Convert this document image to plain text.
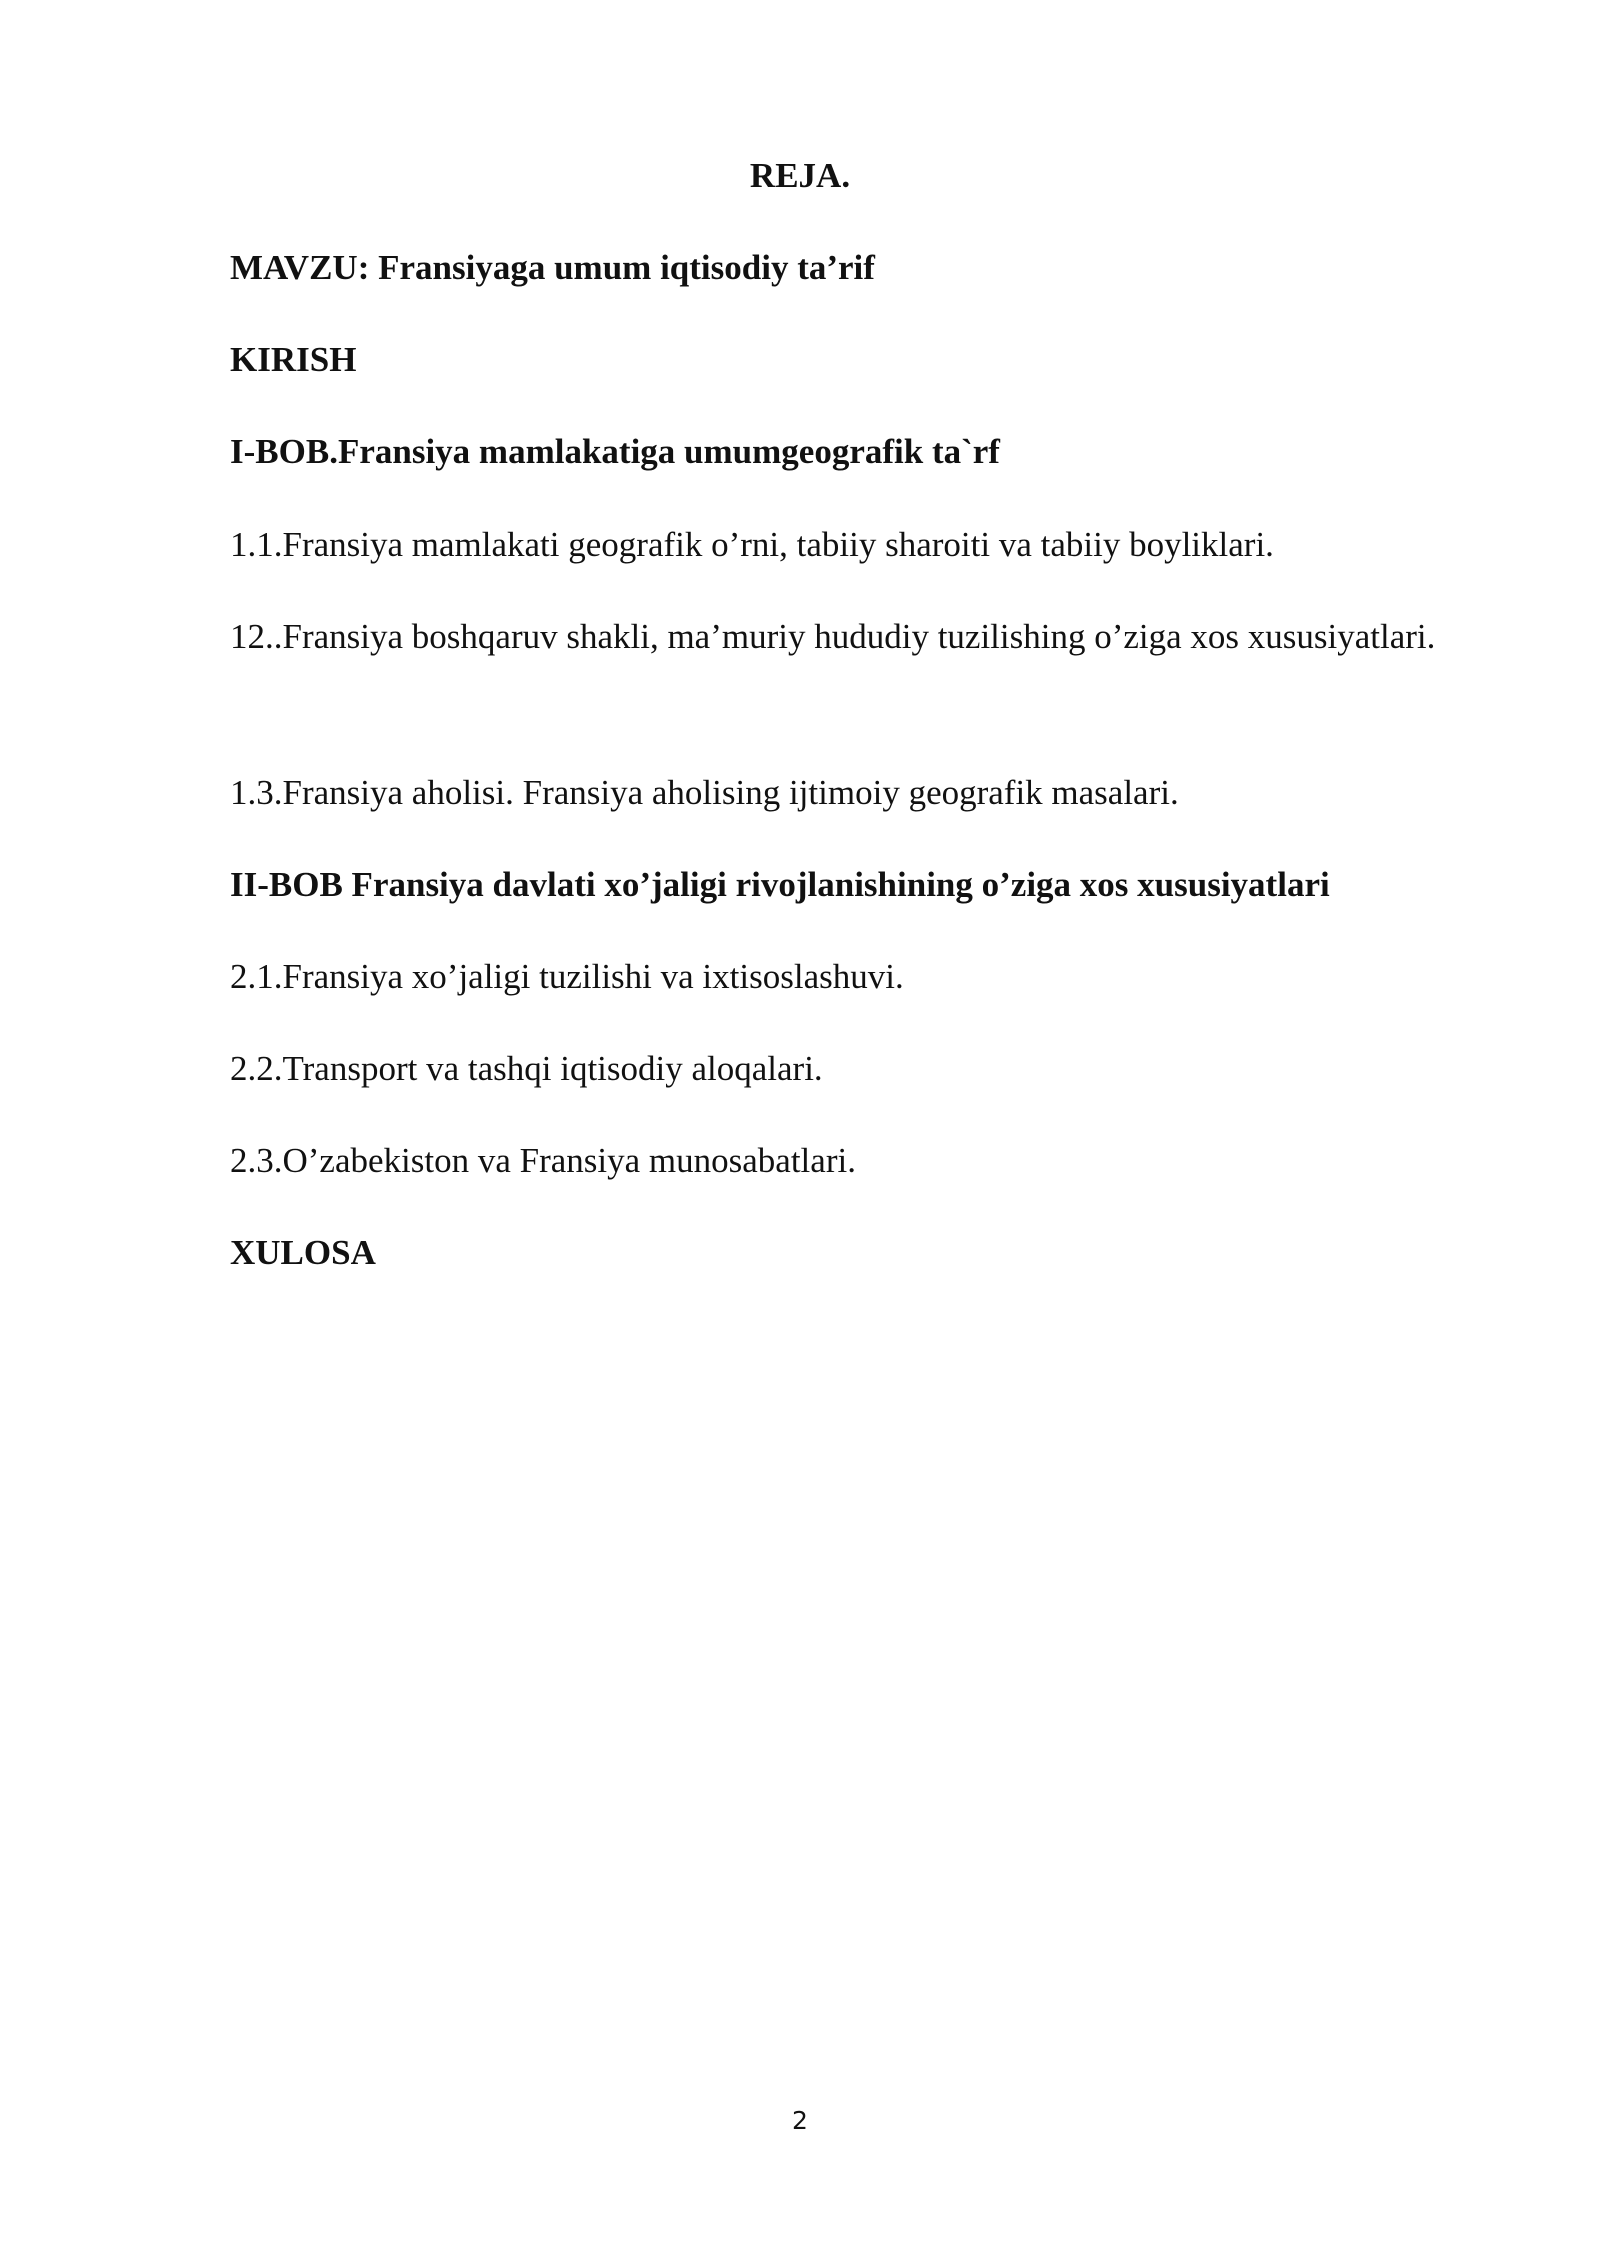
REJA.

MAVZU: Fransiyaga umum iqtisodiy ta’rif

KIRISH

I-BOB.Fransiya mamlakatiga umumgeografik ta`rf

1.1.Fransiya mamlakati geografik o’rni, tabiiy sharoiti va tabiiy boyliklari.

12..Fransiya boshqaruv shakli, ma’muriy hududiy tuzilishing o’ziga xos xususiyatlari.

1.3.Fransiya aholisi. Fransiya aholising ijtimoiy geografik masalari.

II-BOB Fransiya davlati xo’jaligi rivojlanishining o’ziga xos xususiyatlari

2.1.Fransiya xo’jaligi tuzilishi va ixtisoslashuvi.

2.2.Transport va tashqi iqtisodiy aloqalari.

2.3.O’zabekiston va Fransiya munosabatlari.

XULOSA

2
